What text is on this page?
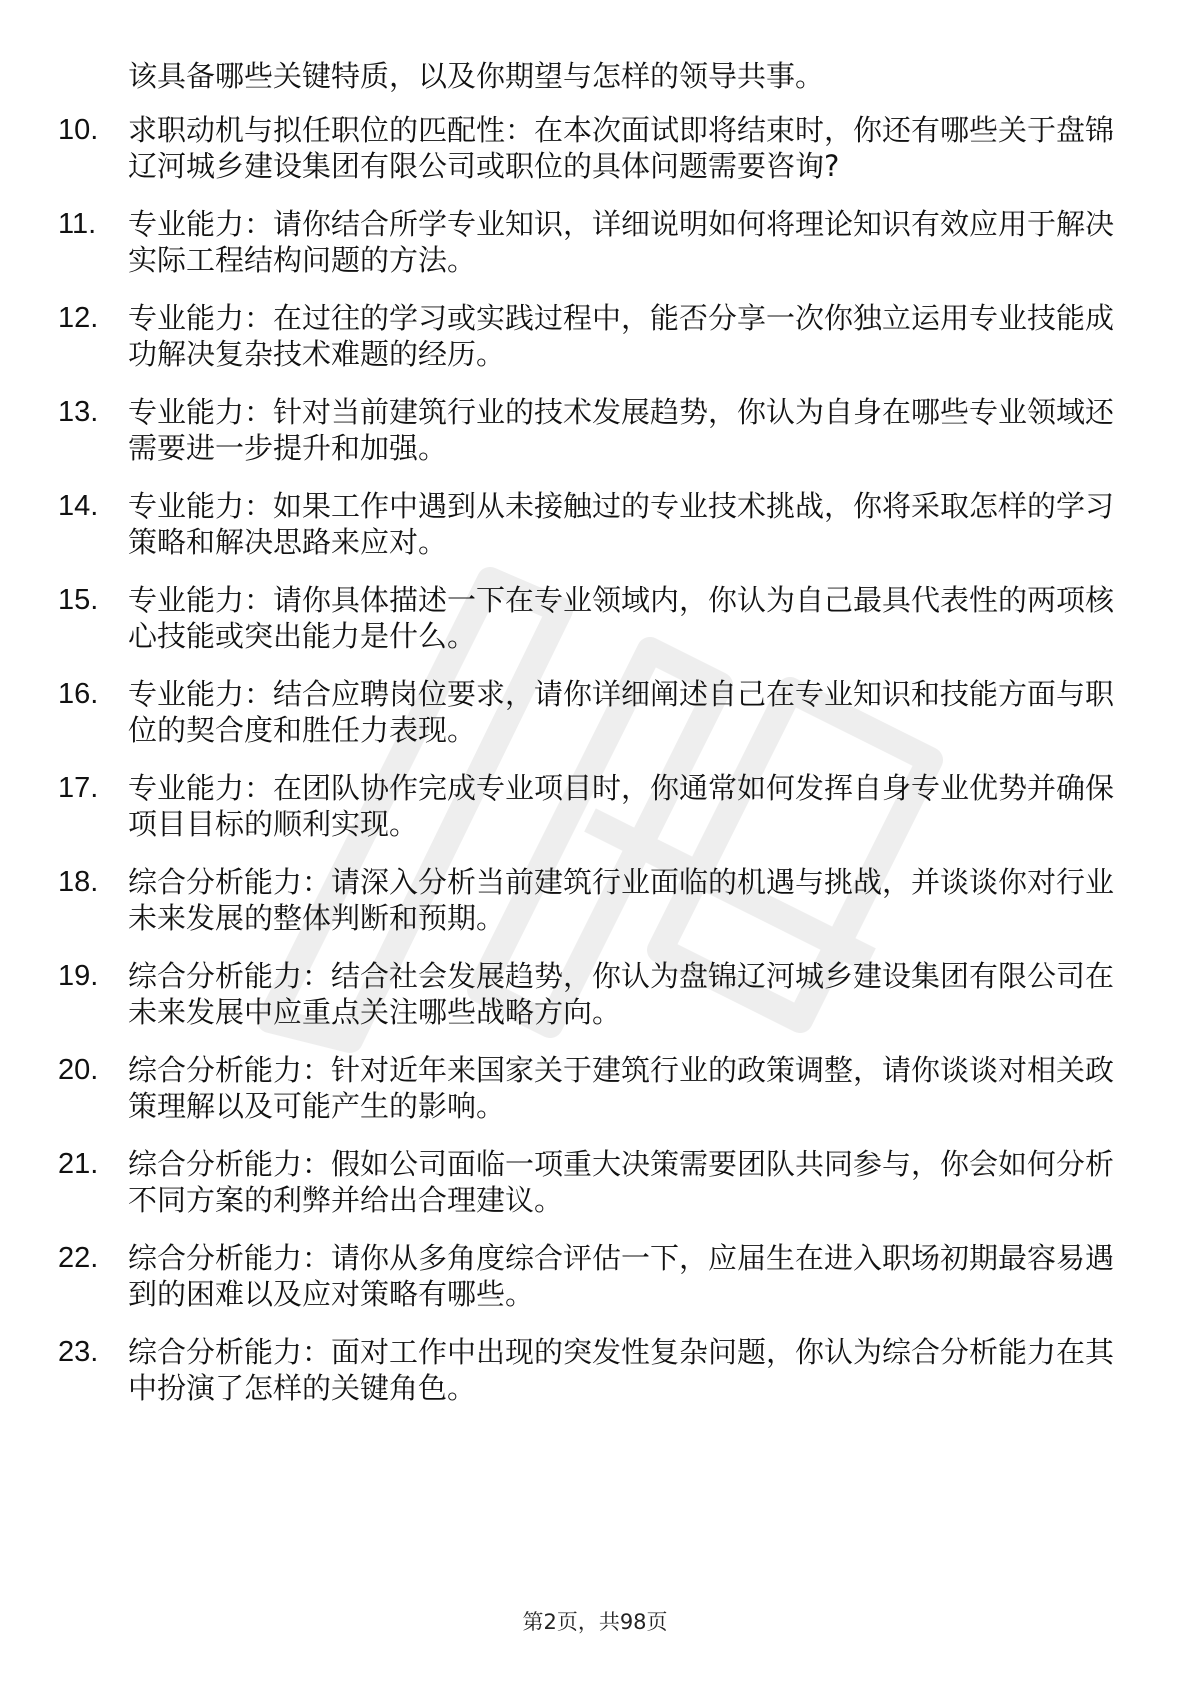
该具备哪些关键特质，以及你期望与怎样的领导共事。
10.	求职动机与拟任职位的匹配性：在本次面试即将结束时，你还有哪些关于盘锦辽河城乡建设集团有限公司或职位的具体问题需要咨询?
11.	专业能力：请你结合所学专业知识，详细说明如何将理论知识有效应用于解决实际工程结构问题的方法。
12.	专业能力：在过往的学习或实践过程中，能否分享一次你独立运用专业技能成功解决复杂技术难题的经历。
13.	专业能力：针对当前建筑行业的技术发展趋势，你认为自身在哪些专业领域还需要进一步提升和加强。
14.	专业能力：如果工作中遇到从未接触过的专业技术挑战，你将采取怎样的学习策略和解决思路来应对。
15.	专业能力：请你具体描述一下在专业领域内，你认为自己最具代表性的两项核心技能或突出能力是什么。
16.	专业能力：结合应聘岗位要求，请你详细阐述自己在专业知识和技能方面与职位的契合度和胜任力表现。
17.	专业能力：在团队协作完成专业项目时，你通常如何发挥自身专业优势并确保项目目标的顺利实现。
18.	综合分析能力：请深入分析当前建筑行业面临的机遇与挑战，并谈谈你对行业未来发展的整体判断和预期。
19.	综合分析能力：结合社会发展趋势，你认为盘锦辽河城乡建设集团有限公司在未来发展中应重点关注哪些战略方向。
20.	综合分析能力：针对近年来国家关于建筑行业的政策调整，请你谈谈对相关政策理解以及可能产生的影响。
21.	综合分析能力：假如公司面临一项重大决策需要团队共同参与，你会如何分析不同方案的利弊并给出合理建议。
22.	综合分析能力：请你从多角度综合评估一下，应届生在进入职场初期最容易遇到的困难以及应对策略有哪些。
23.	综合分析能力：面对工作中出现的突发性复杂问题，你认为综合分析能力在其中扮演了怎样的关键角色。
第2页，共98页
